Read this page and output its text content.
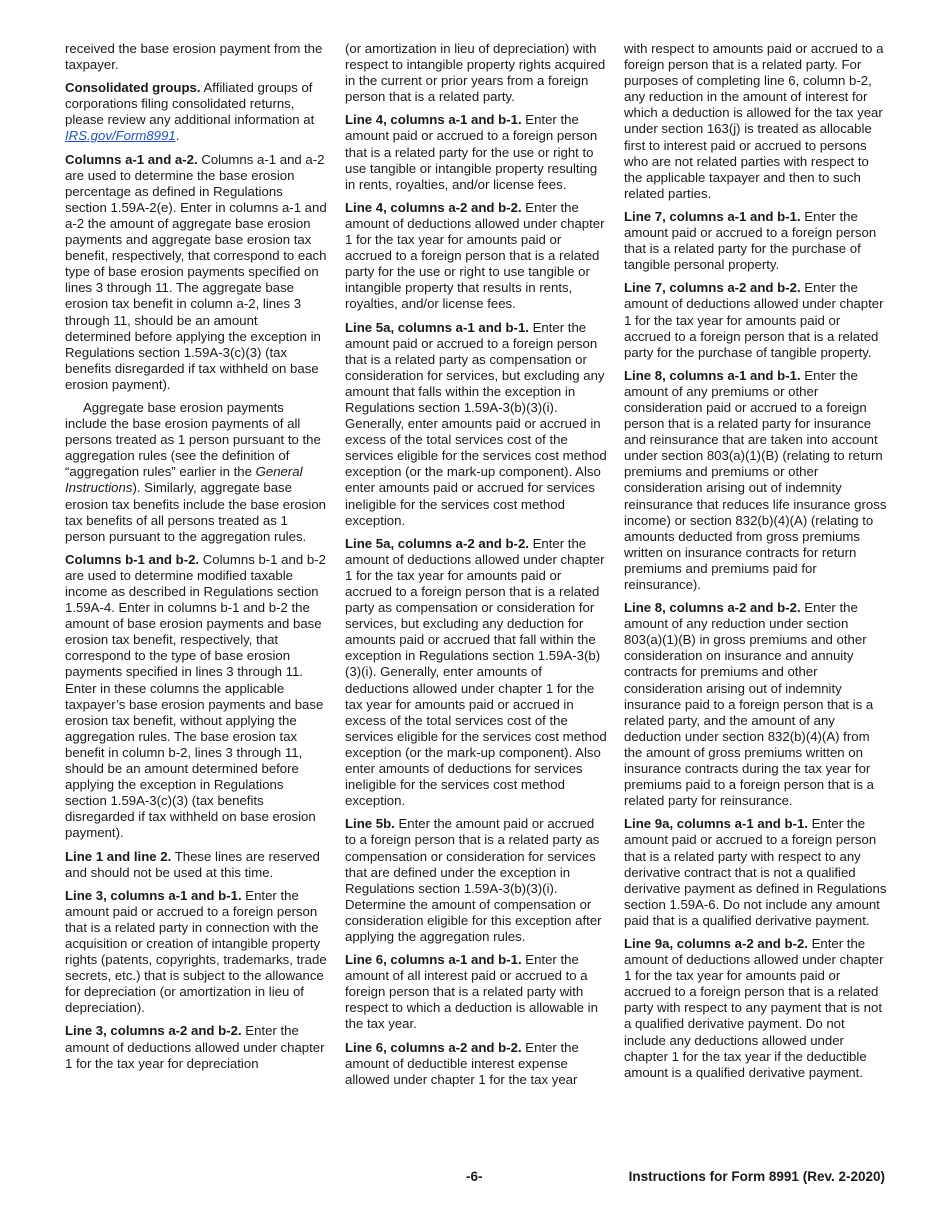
received the base erosion payment from the taxpayer.

Consolidated groups. Affiliated groups of corporations filing consolidated returns, please review any additional information at IRS.gov/Form8991.

Columns a-1 and a-2. Columns a-1 and a-2 are used to determine the base erosion percentage as defined in Regulations section 1.59A-2(e). Enter in columns a-1 and a-2 the amount of aggregate base erosion payments and aggregate base erosion tax benefit, respectively, that correspond to each type of base erosion payments specified on lines 3 through 11. The aggregate base erosion tax benefit in column a-2, lines 3 through 11, should be an amount determined before applying the exception in Regulations section 1.59A-3(c)(3) (tax benefits disregarded if tax withheld on base erosion payment).

Aggregate base erosion payments include the base erosion payments of all persons treated as 1 person pursuant to the aggregation rules (see the definition of “aggregation rules” earlier in the General Instructions). Similarly, aggregate base erosion tax benefits include the base erosion tax benefits of all persons treated as 1 person pursuant to the aggregation rules.

Columns b-1 and b-2. Columns b-1 and b-2 are used to determine modified taxable income as described in Regulations section 1.59A-4. Enter in columns b-1 and b-2 the amount of base erosion payments and base erosion tax benefit, respectively, that correspond to the type of base erosion payments specified in lines 3 through 11. Enter in these columns the applicable taxpayer’s base erosion payments and base erosion tax benefit, without applying the aggregation rules. The base erosion tax benefit in column b-2, lines 3 through 11, should be an amount determined before applying the exception in Regulations section 1.59A-3(c)(3) (tax benefits disregarded if tax withheld on base erosion payment).

Line 1 and line 2. These lines are reserved and should not be used at this time.

Line 3, columns a-1 and b-1. Enter the amount paid or accrued to a foreign person that is a related party in connection with the acquisition or creation of intangible property rights (patents, copyrights, trademarks, trade secrets, etc.) that is subject to the allowance for depreciation (or amortization in lieu of depreciation).

Line 3, columns a-2 and b-2. Enter the amount of deductions allowed under chapter 1 for the tax year for depreciation

(or amortization in lieu of depreciation) with respect to intangible property rights acquired in the current or prior years from a foreign person that is a related party.

Line 4, columns a-1 and b-1. Enter the amount paid or accrued to a foreign person that is a related party for the use or right to use tangible or intangible property resulting in rents, royalties, and/or license fees.

Line 4, columns a-2 and b-2. Enter the amount of deductions allowed under chapter 1 for the tax year for amounts paid or accrued to a foreign person that is a related party for the use or right to use tangible or intangible property that results in rents, royalties, and/or license fees.

Line 5a, columns a-1 and b-1. Enter the amount paid or accrued to a foreign person that is a related party as compensation or consideration for services, but excluding any amount that falls within the exception in Regulations section 1.59A-3(b)(3)(i). Generally, enter amounts paid or accrued in excess of the total services cost of the services eligible for the services cost method exception (or the mark-up component). Also enter amounts paid or accrued for services ineligible for the services cost method exception.

Line 5a, columns a-2 and b-2. Enter the amount of deductions allowed under chapter 1 for the tax year for amounts paid or accrued to a foreign person that is a related party as compensation or consideration for services, but excluding any deduction for amounts paid or accrued that fall within the exception in Regulations section 1.59A-3(b)(3)(i). Generally, enter amounts of deductions allowed under chapter 1 for the tax year for amounts paid or accrued in excess of the total services cost of the services eligible for the services cost method exception (or the mark-up component). Also enter amounts of deductions for services ineligible for the services cost method exception.

Line 5b. Enter the amount paid or accrued to a foreign person that is a related party as compensation or consideration for services that are defined under the exception in Regulations section 1.59A-3(b)(3)(i). Determine the amount of compensation or consideration eligible for this exception after applying the aggregation rules.

Line 6, columns a-1 and b-1. Enter the amount of all interest paid or accrued to a foreign person that is a related party with respect to which a deduction is allowable in the tax year.

Line 6, columns a-2 and b-2. Enter the amount of deductible interest expense allowed under chapter 1 for the tax year

with respect to amounts paid or accrued to a foreign person that is a related party. For purposes of completing line 6, column b-2, any reduction in the amount of interest for which a deduction is allowed for the tax year under section 163(j) is treated as allocable first to interest paid or accrued to persons who are not related parties with respect to the applicable taxpayer and then to such related parties.

Line 7, columns a-1 and b-1. Enter the amount paid or accrued to a foreign person that is a related party for the purchase of tangible personal property.

Line 7, columns a-2 and b-2. Enter the amount of deductions allowed under chapter 1 for the tax year for amounts paid or accrued to a foreign person that is a related party for the purchase of tangible property.

Line 8, columns a-1 and b-1. Enter the amount of any premiums or other consideration paid or accrued to a foreign person that is a related party for insurance and reinsurance that are taken into account under section 803(a)(1)(B) (relating to return premiums and premiums or other consideration arising out of indemnity reinsurance that reduces life insurance gross income) or section 832(b)(4)(A) (relating to amounts deducted from gross premiums written on insurance contracts for return premiums and premiums paid for reinsurance).

Line 8, columns a-2 and b-2. Enter the amount of any reduction under section 803(a)(1)(B) in gross premiums and other consideration on insurance and annuity contracts for premiums and other consideration arising out of indemnity insurance paid to a foreign person that is a related party, and the amount of any deduction under section 832(b)(4)(A) from the amount of gross premiums written on insurance contracts during the tax year for premiums paid to a foreign person that is a related party for reinsurance.

Line 9a, columns a-1 and b-1. Enter the amount paid or accrued to a foreign person that is a related party with respect to any derivative contract that is not a qualified derivative payment as defined in Regulations section 1.59A-6. Do not include any amount paid that is a qualified derivative payment.

Line 9a, columns a-2 and b-2. Enter the amount of deductions allowed under chapter 1 for the tax year for amounts paid or accrued to a foreign person that is a related party with respect to any payment that is not a qualified derivative payment. Do not include any deductions allowed under chapter 1 for the tax year if the deductible amount is a qualified derivative payment.

-6-	Instructions for Form 8991 (Rev. 2-2020)
